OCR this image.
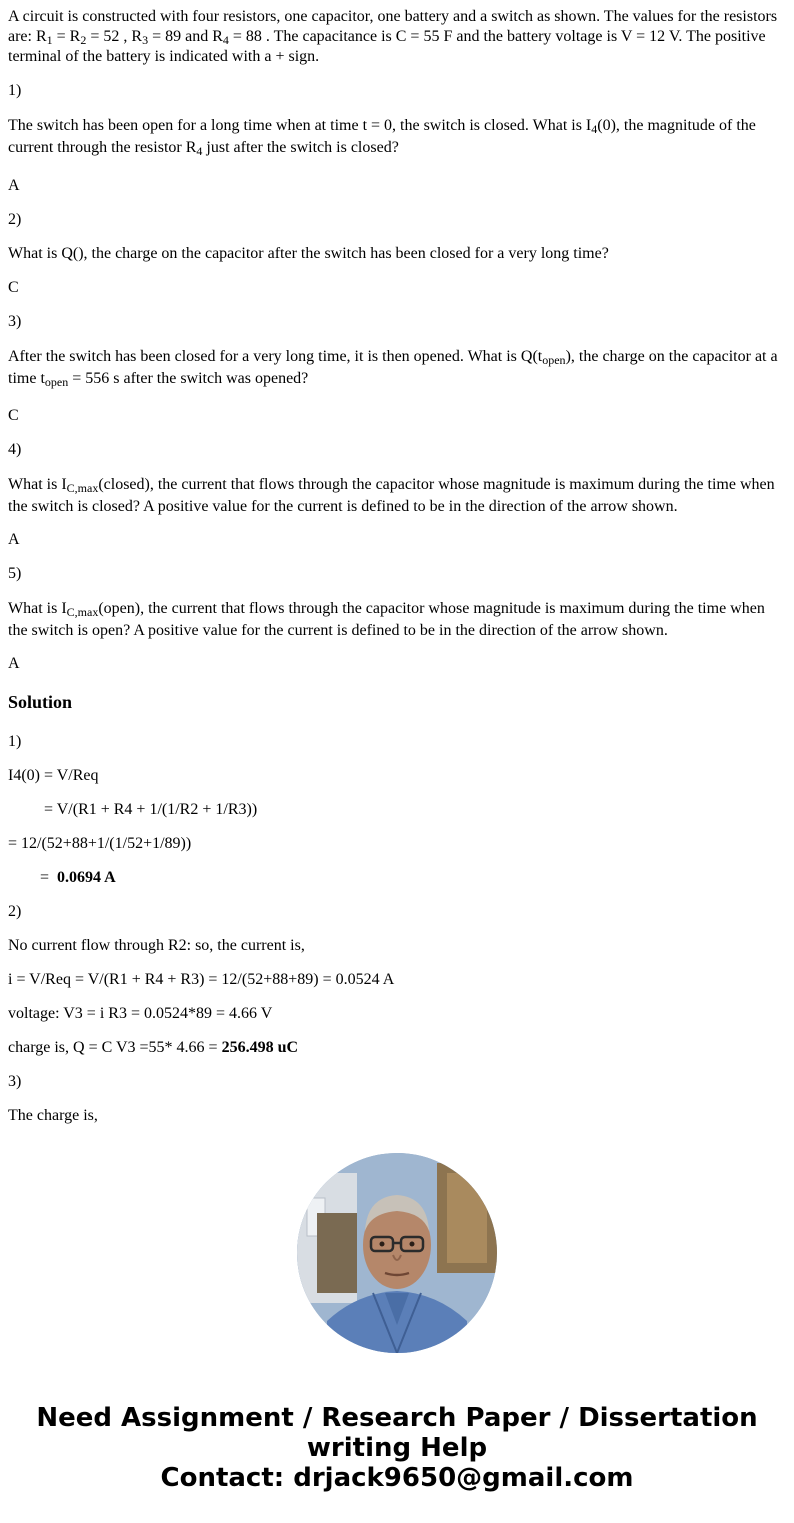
A circuit is constructed with four resistors, one capacitor, one battery and a switch as shown. The values for the resistors are: $R_1 = R_2 = 52$ , $R_3 = 89$ and $R_4 = 88$ . The capacitance is C = 55 F and the battery voltage is V = 12 V. The positive terminal of the battery is indicated with a + sign.

1)

The switch has been open for a long time when at time t = 0, the switch is closed. What is $I_4(0)$, the magnitude of the current through the resistor $R_4$ just after the switch is closed?

A

2)

What is Q(), the charge on the capacitor after the switch has been closed for a very long time?

C

3)

After the switch has been closed for a very long time, it is then opened. What is $Q(t_{open})$, the charge on the capacitor at a time $t_{open} = 556$ s after the switch was opened?

C

4)

What is $I_{C,max}(closed)$, the current that flows through the capacitor whose magnitude is maximum during the time when the switch is closed? A positive value for the current is defined to be in the direction of the arrow shown.

A

5)

What is $I_{C,max}(open)$, the current that flows through the capacitor whose magnitude is maximum during the time when the switch is open? A positive value for the current is defined to be in the direction of the arrow shown.

A

Solution

1)

I4(0) = V/Req

= V/(R1 + R4 + 1/(1/R2 + 1/R3))

= 12/(52+88+1/(1/52+1/89))

= 0.0694 A

2)

No current flow through R2: so, the current is,

i = V/Req = V/(R1 + R4 + R3) = 12/(52+88+89) = 0.0524 A

voltage: V3 = i R3 = 0.0524*89 = 4.66 V

charge is, Q = C V3 =55* 4.66 = 256.498 uC

3)

The charge is,

Need Assignment / Research Paper / Dissertation
writing Help
Contact: drjack9650@gmail.com
